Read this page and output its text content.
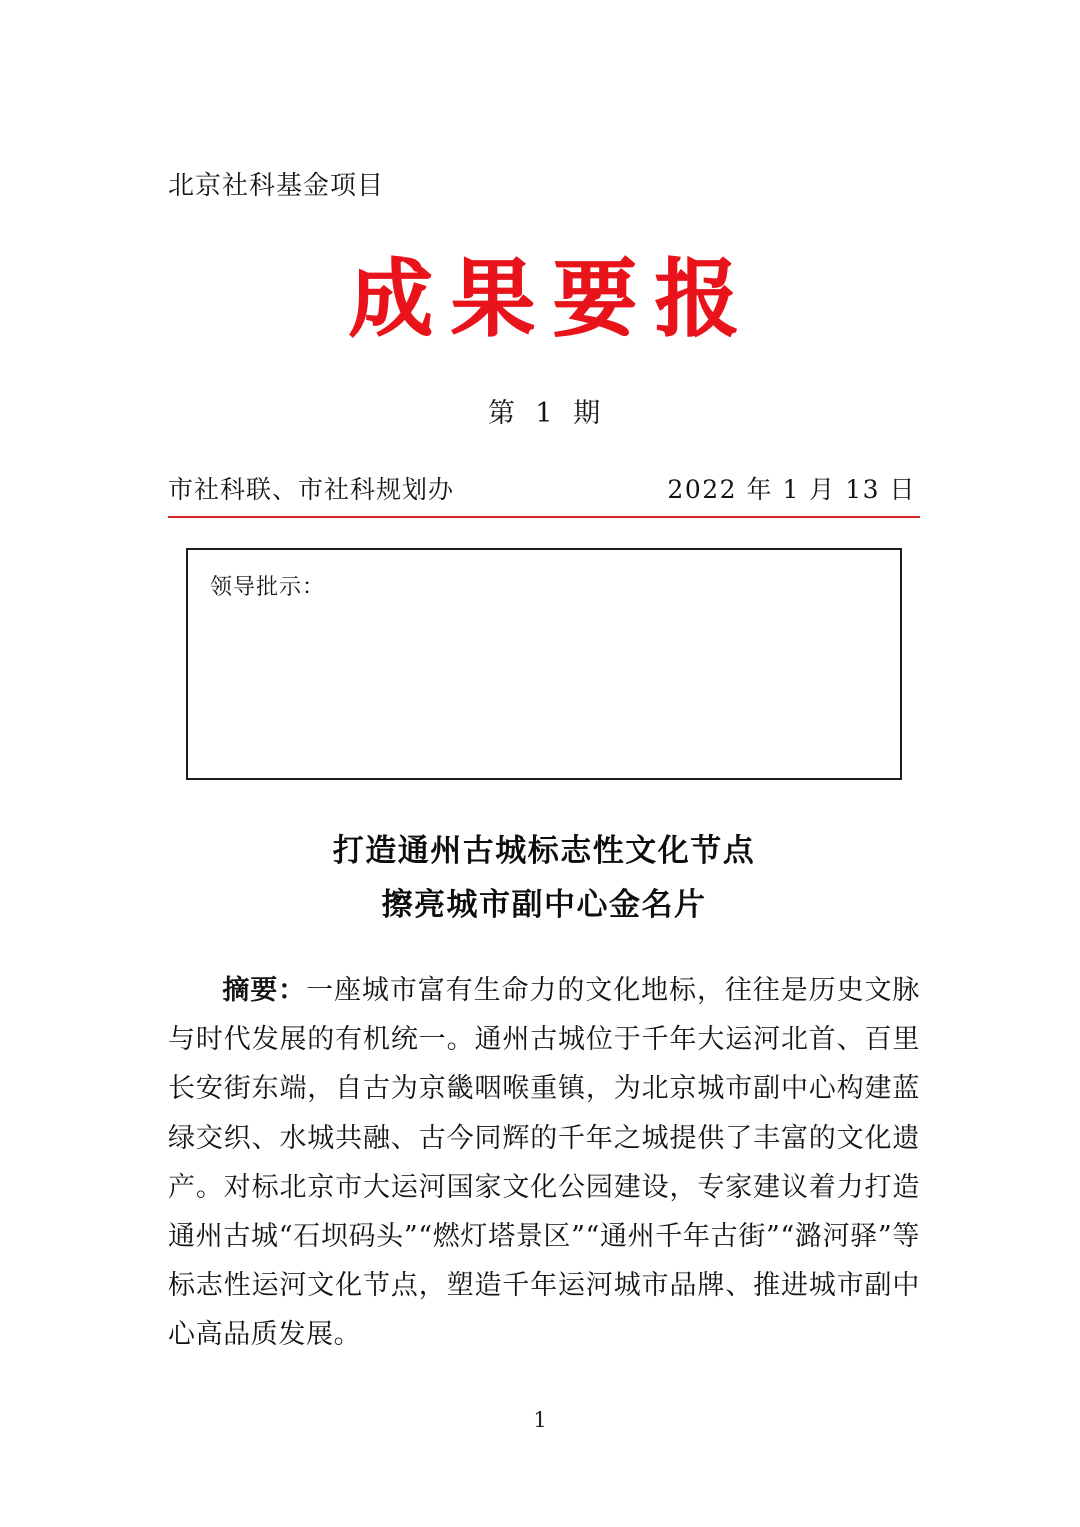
北京社科基金项目
成果要报
第 1 期
市社科联、市社科规划办	2022 年 1 月 13 日
领导批示：
打造通州古城标志性文化节点
擦亮城市副中心金名片

摘要：一座城市富有生命力的文化地标，往往是历史文脉与时代发展的有机统一。通州古城位于千年大运河北首、百里长安街东端，自古为京畿咽喉重镇，为北京城市副中心构建蓝绿交织、水城共融、古今同辉的千年之城提供了丰富的文化遗产。对标北京市大运河国家文化公园建设，专家建议着力打造通州古城“石坝码头”“燃灯塔景区”“通州千年古街”“潞河驿”等标志性运河文化节点，塑造千年运河城市品牌、推进城市副中心高品质发展。

1
